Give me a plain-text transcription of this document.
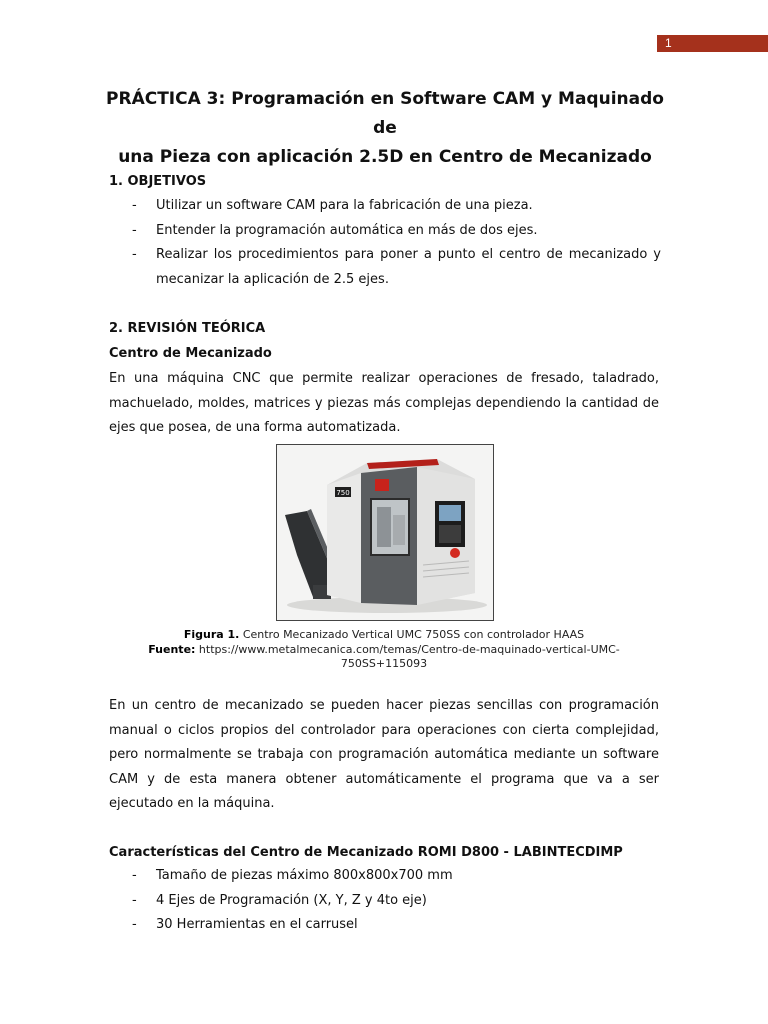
1
PRÁCTICA 3: Programación en Software CAM y Maquinado de
una Pieza con aplicación 2.5D en Centro de Mecanizado
1. OBJETIVOS
- Utilizar un software CAM para la fabricación de una pieza.
- Entender la programación automática en más de dos ejes.
- Realizar los procedimientos para poner a punto el centro de mecanizado y mecanizar la aplicación de 2.5 ejes.
2. REVISIÓN TEÓRICA
Centro de Mecanizado
En una máquina CNC que permite realizar operaciones de fresado, taladrado, machuelado, moldes, matrices y piezas más complejas dependiendo la cantidad de ejes que posea, de una forma automatizada.
750
Figura 1. Centro Mecanizado Vertical UMC 750SS con controlador HAAS
Fuente: https://www.metalmecanica.com/temas/Centro-de-maquinado-vertical-UMC-750SS+115093
En un centro de mecanizado se pueden hacer piezas sencillas con programación manual o ciclos propios del controlador para operaciones con cierta complejidad, pero normalmente se trabaja con programación automática mediante un software CAM y de esta manera obtener automáticamente el programa que va a ser ejecutado en la máquina.
Características del Centro de Mecanizado ROMI D800 - LABINTECDIMP
- Tamaño de piezas máximo 800x800x700 mm
- 4 Ejes de Programación (X, Y, Z y 4to eje)
- 30 Herramientas en el carrusel
